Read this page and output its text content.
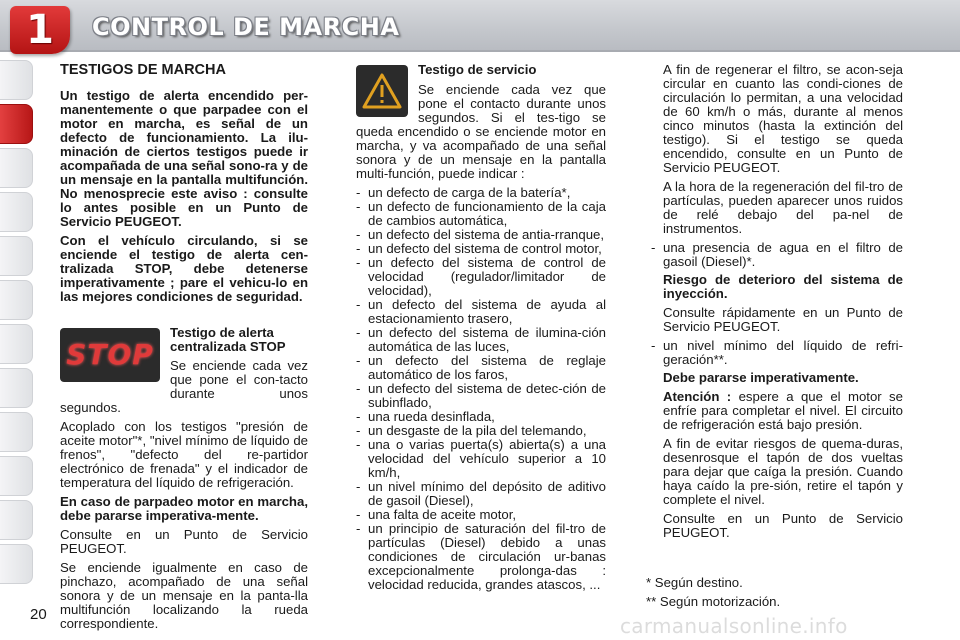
1	CONTROL DE MARCHA
TESTIGOS DE MARCHA

Un testigo de alerta encendido per-manentemente o que parpadee con el motor en marcha, es señal de un defecto de funcionamiento. La ilu-minación de ciertos testigos puede ir acompañada de una señal sono-ra y de un mensaje en la pantalla multifunción. No menosprecie este aviso : consulte lo antes posible en un Punto de Servicio PEUGEOT.

Con el vehículo circulando, si se enciende el testigo de alerta cen-tralizada STOP, debe detenerse imperativamente ; pare el vehicu-lo en las mejores condiciones de seguridad.

STOP

Testigo de alerta centralizada STOP

Se enciende cada vez que pone el con-tacto durante unos segundos.

Acoplado con los testigos "presión de aceite motor"*, "nivel mínimo de líquido de frenos", "defecto del re-partidor electrónico de frenada" y el indicador de temperatura del líquido de refrigeración.

En caso de parpadeo motor en marcha, debe pararse imperativa-mente.

Consulte en un Punto de Servicio PEUGEOT.

Se enciende igualmente en caso de pinchazo, acompañado de una señal sonora y de un mensaje en la panta-lla multifunción localizando la rueda correspondiente.

Testigo de servicio

Se enciende cada vez que pone el contacto durante unos segundos. Si el tes-tigo se queda encendido o se enciende motor en marcha, y va acompañado de una señal sonora y de un mensaje en la pantalla multi-función, puede indicar :

- un defecto de carga de la batería*,
- un defecto de funcionamiento de la caja de cambios automática,
- un defecto del sistema de antia-rranque,
- un defecto del sistema de control motor,
- un defecto del sistema de control de velocidad (regulador/limitador de velocidad),
- un defecto del sistema de ayuda al estacionamiento trasero,
- un defecto del sistema de ilumina-ción automática de las luces,
- un defecto del sistema de reglaje automático de los faros,
- un defecto del sistema de detec-ción de subinflado,
- una rueda desinflada,
- un desgaste de la pila del telemando,
- una o varias puerta(s) abierta(s) a una velocidad del vehículo superior a 10 km/h,
- un nivel mínimo del depósito de aditivo de gasoil (Diesel),
- una falta de aceite motor,
- un principio de saturación del fil-tro de partículas (Diesel) debido a unas condiciones de circulación ur-banas excepcionalmente prolonga-das : velocidad reducida, grandes atascos, ...

A fin de regenerar el filtro, se acon-seja circular en cuanto las condi-ciones de circulación lo permitan, a una velocidad de 60 km/h o más, durante al menos cinco minutos (hasta la extinción del testigo). Si el testigo se queda encendido, consulte en un Punto de Servicio PEUGEOT.

A la hora de la regeneración del fil-tro de partículas, pueden aparecer unos ruidos de relé debajo del pa-nel de instrumentos.

- una presencia de agua en el filtro de gasoil (Diesel)*.

Riesgo de deterioro del sistema de inyección.

Consulte rápidamente en un Punto de Servicio PEUGEOT.

- un nivel mínimo del líquido de refri-geración**.

Debe pararse imperativamente.

Atención : espere a que el motor se enfríe para completar el nivel. El circuito de refrigeración está bajo presión.

A fin de evitar riesgos de quema-duras, desenrosque el tapón de dos vueltas para dejar que caíga la presión. Cuando haya caído la pre-sión, retire el tapón y complete el nivel.

Consulte en un Punto de Servicio PEUGEOT.

* Según destino.
** Según motorización.
20	carmanualsonline.info
